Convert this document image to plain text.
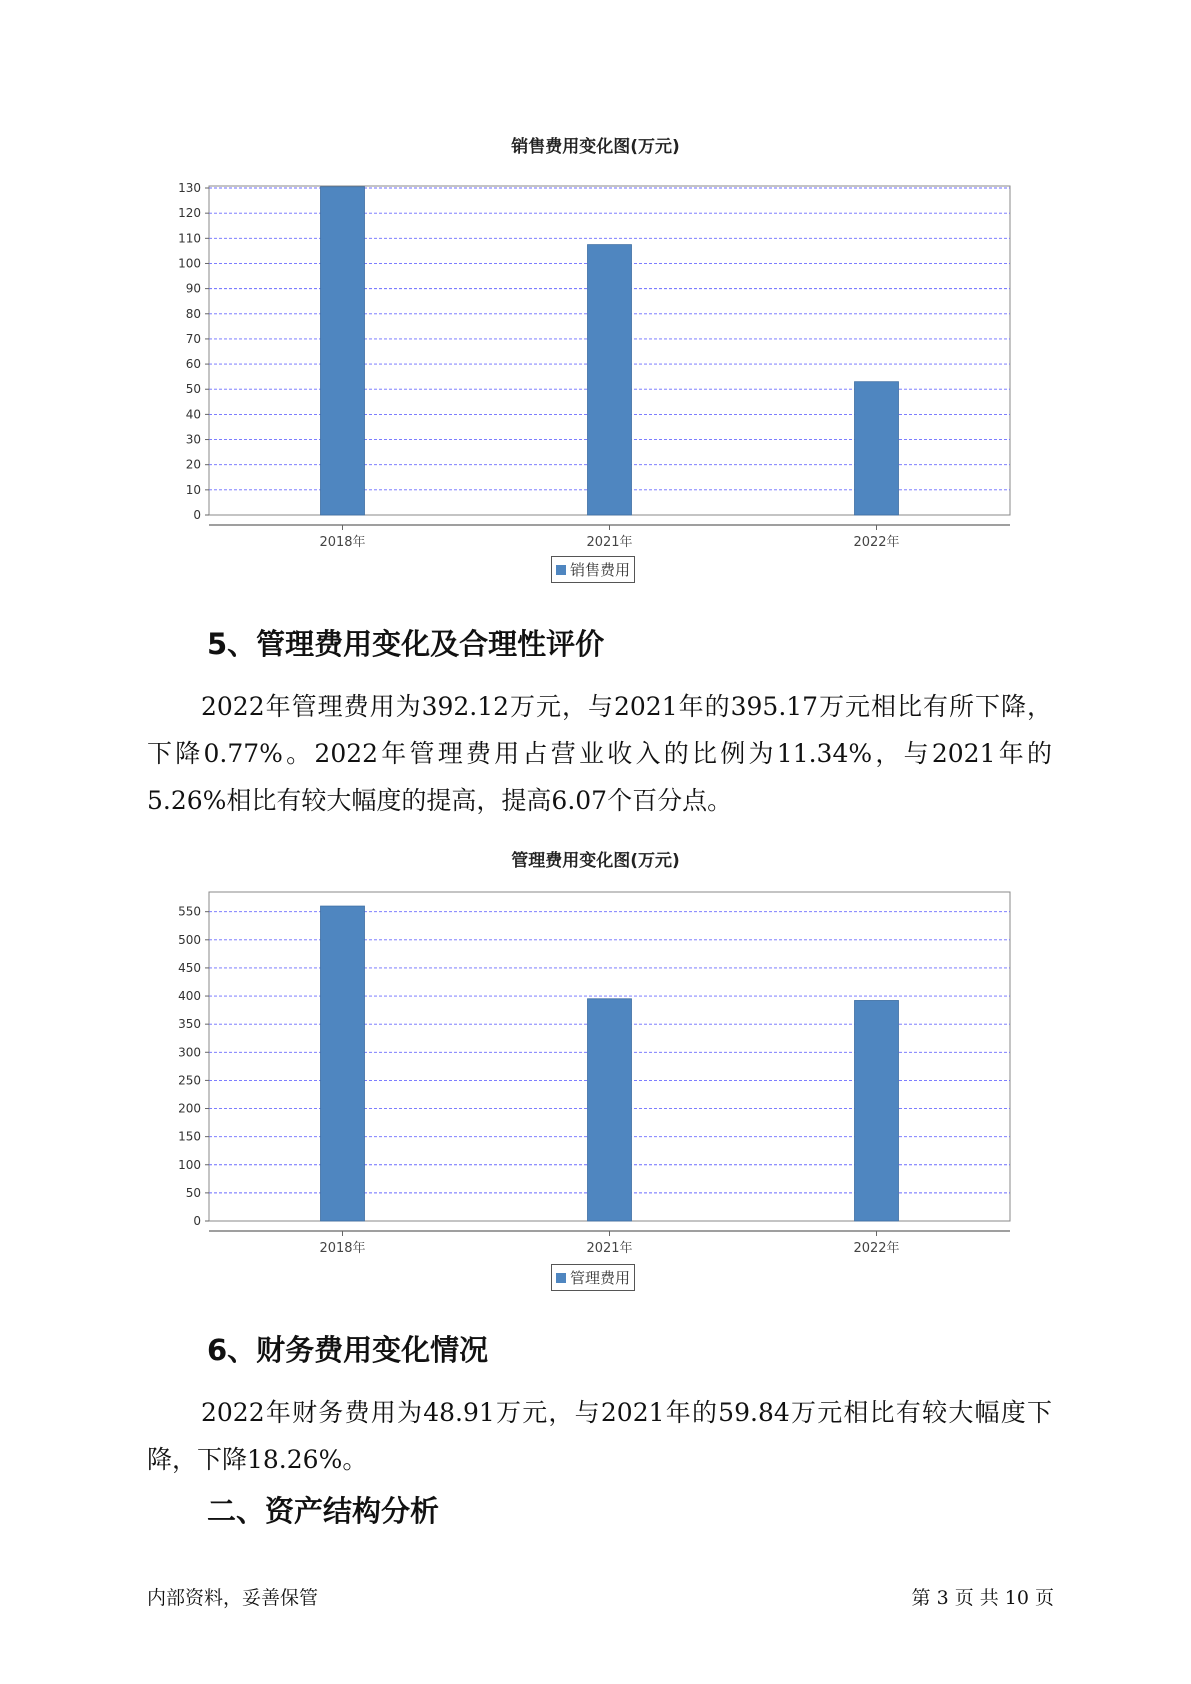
销售费用变化图(万元)
0
10
20
30
40
50
60
70
80
90
100
110
120
130
2018年	2021年	2022年
销售费用
5、管理费用变化及合理性评价
2022年管理费用为392.12万元，与2021年的395.17万元相比有所下降，下降0.77%。2022年管理费用占营业收入的比例为11.34%，与2021年的5.26%相比有较大幅度的提高，提高6.07个百分点。
管理费用变化图(万元)
0
50
100
150
200
250
300
350
400
450
500
550
2018年	2021年	2022年
管理费用
6、财务费用变化情况
2022年财务费用为48.91万元，与2021年的59.84万元相比有较大幅度下降，下降18.26%。
二、资产结构分析
内部资料，妥善保管	第 3 页 共 10 页
